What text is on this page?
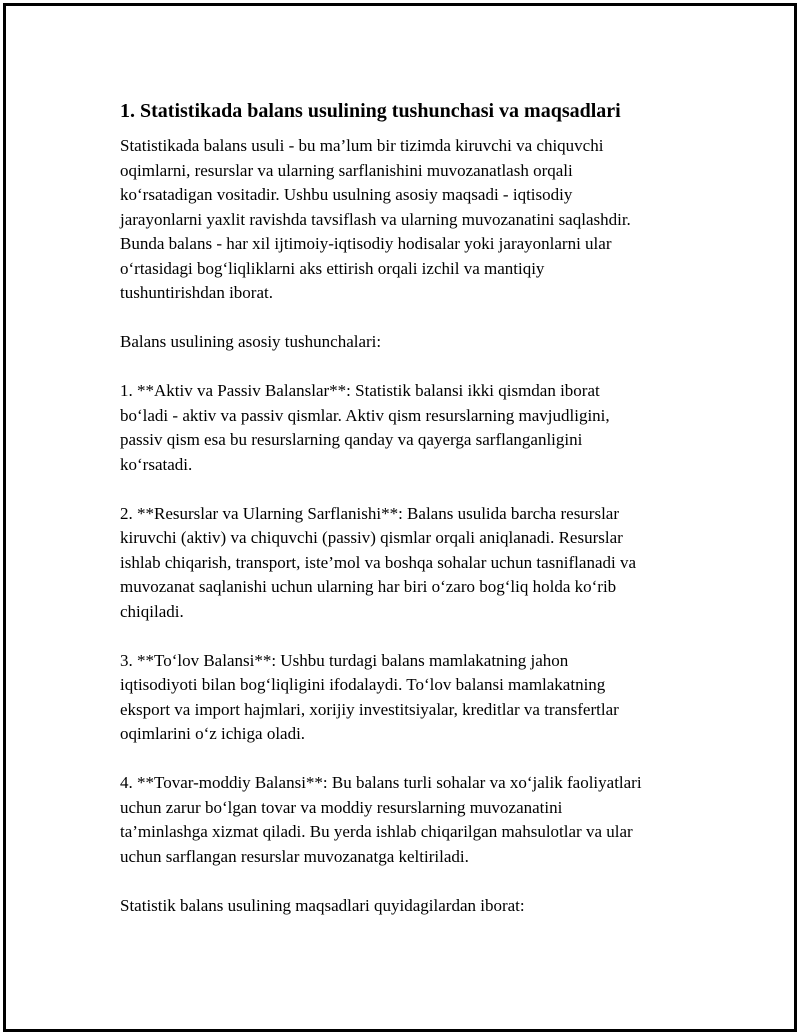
1. Statistikada balans usulining tushunchasi va maqsadlari
Statistikada balans usuli - bu ma’lum bir tizimda kiruvchi va chiquvchi
oqimlarni, resurslar va ularning sarflanishini muvozanatlash orqali
ko‘rsatadigan vositadir. Ushbu usulning asosiy maqsadi - iqtisodiy
jarayonlarni yaxlit ravishda tavsiflash va ularning muvozanatini saqlashdir.
Bunda balans - har xil ijtimoiy-iqtisodiy hodisalar yoki jarayonlarni ular
o‘rtasidagi bog‘liqliklarni aks ettirish orqali izchil va mantiqiy
tushuntirishdan iborat.
Balans usulining asosiy tushunchalari:
1. **Aktiv va Passiv Balanslar**: Statistik balansi ikki qismdan iborat
bo‘ladi - aktiv va passiv qismlar. Aktiv qism resurslarning mavjudligini,
passiv qism esa bu resurslarning qanday va qayerga sarflanganligini
ko‘rsatadi.
2. **Resurslar va Ularning Sarflanishi**: Balans usulida barcha resurslar
kiruvchi (aktiv) va chiquvchi (passiv) qismlar orqali aniqlanadi. Resurslar
ishlab chiqarish, transport, iste’mol va boshqa sohalar uchun tasniflanadi va
muvozanat saqlanishi uchun ularning har biri o‘zaro bog‘liq holda ko‘rib
chiqiladi.
3. **To‘lov Balansi**: Ushbu turdagi balans mamlakatning jahon
iqtisodiyoti bilan bog‘liqligini ifodalaydi. To‘lov balansi mamlakatning
eksport va import hajmlari, xorijiy investitsiyalar, kreditlar va transfertlar
oqimlarini o‘z ichiga oladi.
4. **Tovar-moddiy Balansi**: Bu balans turli sohalar va xo‘jalik faoliyatlari
uchun zarur bo‘lgan tovar va moddiy resurslarning muvozanatini
ta’minlashga xizmat qiladi. Bu yerda ishlab chiqarilgan mahsulotlar va ular
uchun sarflangan resurslar muvozanatga keltiriladi.
Statistik balans usulining maqsadlari quyidagilardan iborat:
